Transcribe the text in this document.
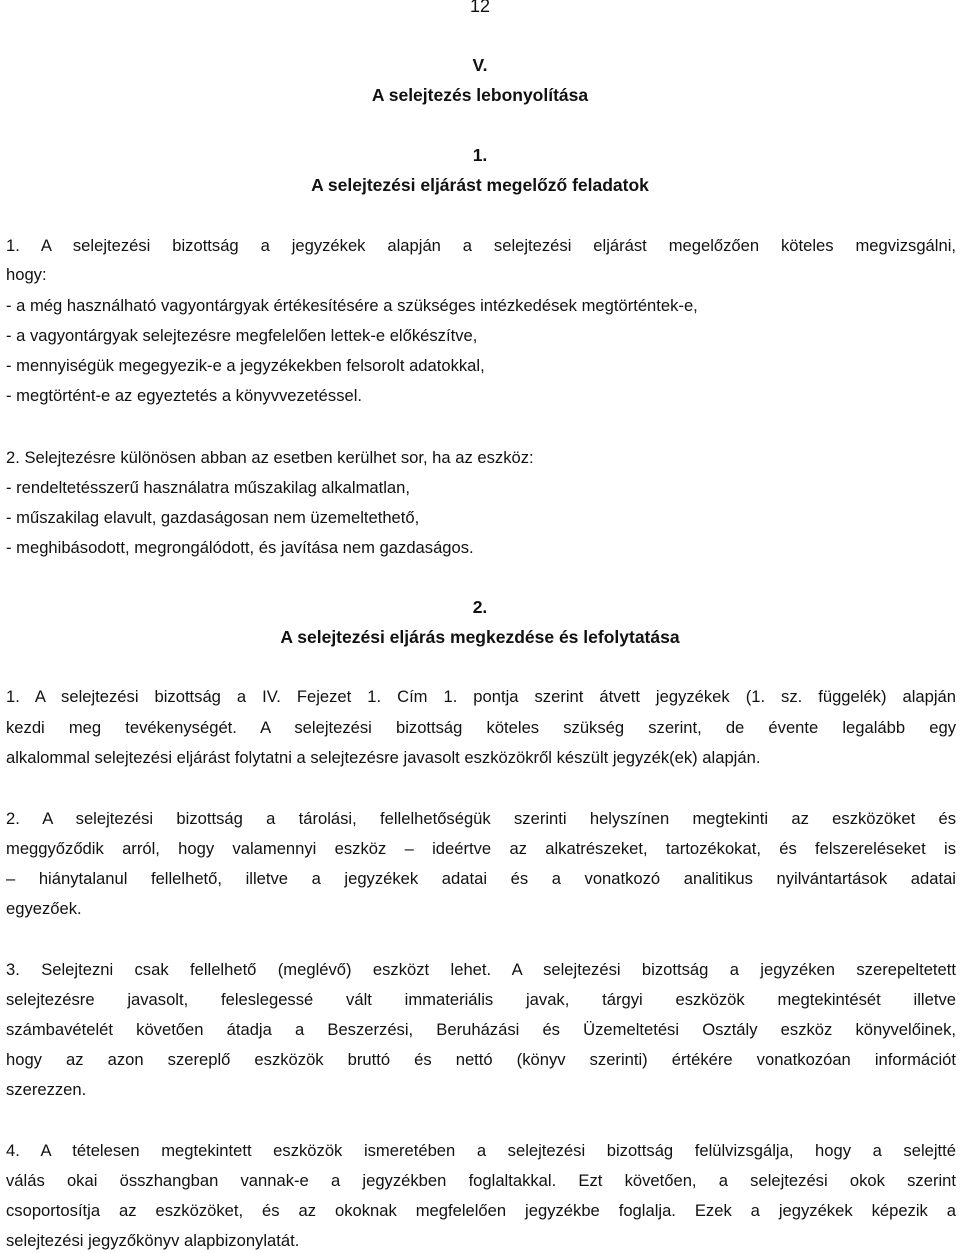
12
V.
A selejtezés lebonyolítása
1.
A selejtezési eljárást megelőző feladatok
1. A selejtezési bizottság a jegyzékek alapján a selejtezési eljárást megelőzően köteles megvizsgálni,
hogy:
- a még használható vagyontárgyak értékesítésére a szükséges intézkedések megtörténtek-e,
- a vagyontárgyak selejtezésre megfelelően lettek-e előkészítve,
- mennyiségük megegyezik-e a jegyzékekben felsorolt adatokkal,
- megtörtént-e az egyeztetés a könyvvezetéssel.
2. Selejtezésre különösen abban az esetben kerülhet sor, ha az eszköz:
- rendeltetésszerű használatra műszakilag alkalmatlan,
- műszakilag elavult, gazdaságosan nem üzemeltethető,
- meghibásodott, megrongálódott, és javítása nem gazdaságos.
2.
A selejtezési eljárás megkezdése és lefolytatása
1. A selejtezési bizottság a IV. Fejezet 1. Cím 1. pontja szerint átvett jegyzékek (1. sz. függelék) alapján
kezdi meg tevékenységét. A selejtezési bizottság köteles szükség szerint, de évente legalább egy
alkalommal selejtezési eljárást folytatni a selejtezésre javasolt eszközökről készült jegyzék(ek) alapján.
2. A selejtezési bizottság a tárolási, fellelhetőségük szerinti helyszínen megtekinti az eszközöket és
meggyőződik arról, hogy valamennyi eszköz – ideértve az alkatrészeket, tartozékokat, és felszereléseket is
– hiánytalanul fellelhető, illetve a jegyzékek adatai és a vonatkozó analitikus nyilvántartások adatai
egyezőek.
3. Selejtezni csak fellelhető (meglévő) eszközt lehet. A selejtezési bizottság a jegyzéken szerepeltetett
selejtezésre javasolt, feleslegessé vált immateriális javak, tárgyi eszközök megtekintését illetve
számbavételét követően átadja a Beszerzési, Beruházási és Üzemeltetési Osztály eszköz könyvelőinek,
hogy az azon szereplő eszközök bruttó és nettó (könyv szerinti) értékére vonatkozóan információt
szerezzen.
4. A tételesen megtekintett eszközök ismeretében a selejtezési bizottság felülvizsgálja, hogy a selejtté
válás okai összhangban vannak-e a jegyzékben foglaltakkal. Ezt követően, a selejtezési okok szerint
csoportosítja az eszközöket, és az okoknak megfelelően jegyzékbe foglalja. Ezek a jegyzékek képezik a
selejtezési jegyzőkönyv alapbizonylatát.
